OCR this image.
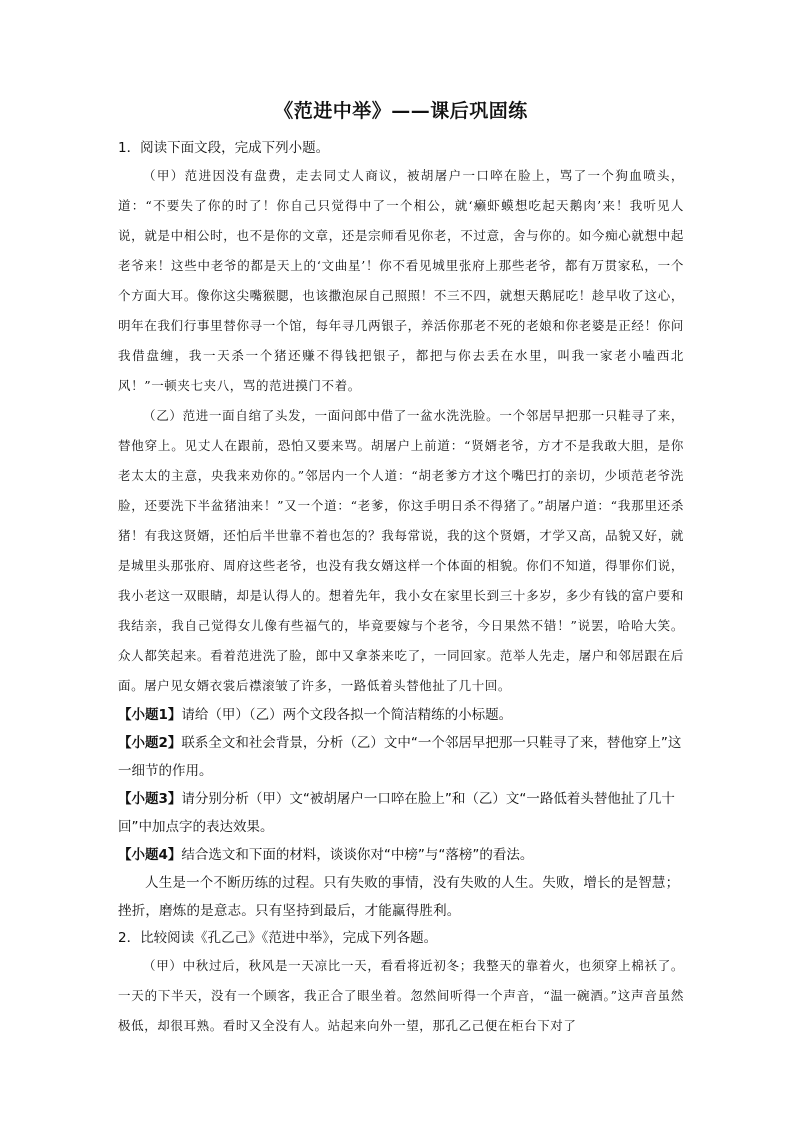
《范进中举》——课后巩固练

1．阅读下面文段，完成下列小题。

（甲）范进因没有盘费，走去同丈人商议，被胡屠户一口啐在脸上，骂了一个狗血喷头，道：“不要失了你的时了！你自己只觉得中了一个相公，就‘癞虾蟆想吃起天鹅肉’来！我听见人说，就是中相公时，也不是你的文章，还是宗师看见你老，不过意，舍与你的。如今痴心就想中起老爷来！这些中老爷的都是天上的‘文曲星’！你不看见城里张府上那些老爷，都有万贯家私，一个个方面大耳。像你这尖嘴猴腮，也该撒泡尿自己照照！不三不四，就想天鹅屁吃！趁早收了这心，明年在我们行事里替你寻一个馆，每年寻几两银子，养活你那老不死的老娘和你老婆是正经！你问我借盘缠，我一天杀一个猪还赚不得钱把银子，都把与你去丢在水里，叫我一家老小嗑西北风！”一顿夹七夹八，骂的范进摸门不着。

（乙）范进一面自绾了头发，一面问郎中借了一盆水洗洗脸。一个邻居早把那一只鞋寻了来，替他穿上。见丈人在跟前，恐怕又要来骂。胡屠户上前道：“贤婿老爷，方才不是我敢大胆，是你老太太的主意，央我来劝你的。”邻居内一个人道：“胡老爹方才这个嘴巴打的亲切，少顷范老爷洗脸，还要洗下半盆猪油来！”又一个道：“老爹，你这手明日杀不得猪了。”胡屠户道：“我那里还杀猪！有我这贤婿，还怕后半世靠不着也怎的？我每常说，我的这个贤婿，才学又高，品貌又好，就是城里头那张府、周府这些老爷，也没有我女婿这样一个体面的相貌。你们不知道，得罪你们说，我小老这一双眼睛，却是认得人的。想着先年，我小女在家里长到三十多岁，多少有钱的富户要和我结亲，我自己觉得女儿像有些福气的，毕竟要嫁与个老爷，今日果然不错！”说罢，哈哈大笑。众人都笑起来。看着范进洗了脸，郎中又拿茶来吃了，一同回家。范举人先走，屠户和邻居跟在后面。屠户见女婿衣裳后襟滚皱了许多，一路低着头替他扯了几十回。

【小题1】请给（甲）（乙）两个文段各拟一个简洁精练的小标题。

【小题2】联系全文和社会背景，分析（乙）文中“一个邻居早把那一只鞋寻了来，替他穿上”这一细节的作用。

【小题3】请分别分析（甲）文“被胡屠户一口啐在脸上”和（乙）文“一路低着头替他扯了几十回”中加点字的表达效果。

【小题4】结合选文和下面的材料，谈谈你对“中榜”与“落榜”的看法。

人生是一个不断历练的过程。只有失败的事情，没有失败的人生。失败，增长的是智慧；挫折，磨炼的是意志。只有坚持到最后，才能赢得胜利。

2．比较阅读《孔乙己》《范进中举》，完成下列各题。

（甲）中秋过后，秋风是一天凉比一天，看看将近初冬；我整天的靠着火，也须穿上棉袄了。一天的下半天，没有一个顾客，我正合了眼坐着。忽然间听得一个声音，“温一碗酒。”这声音虽然极低，却很耳熟。看时又全没有人。站起来向外一望，那孔乙己便在柜台下对了
